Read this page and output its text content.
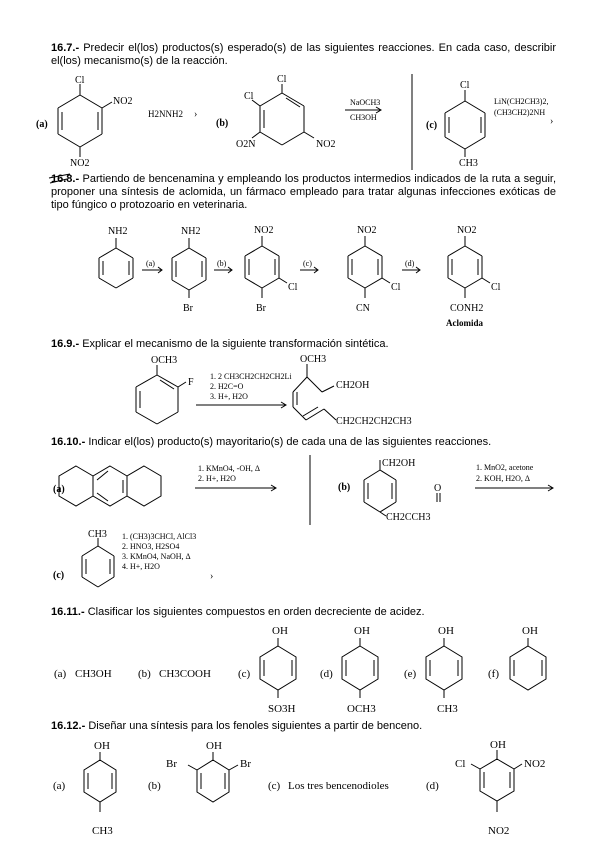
16.7.- Predecir el(los) productos(s) esperado(s) de las siguientes reacciones. En cada caso, describir el(los) mecanismo(s) de la reacción.

(a)
Cl
NO2
NO2
H2NNH2 ›
(b)
Cl
Cl
O2N	NO2
NaOCH3
CH3OH
(c)
Cl
CH3
LiN(CH2CH3)2,
(CH3CH2)2NH
›

16.8.- Partiendo de bencenamina y empleando los productos intermedios indicados de la ruta a seguir, proponer una síntesis de aclomida, un fármaco empleado para tratar algunas infecciones exóticas de tipo fúngico o protozoario en veterinaria.

NH2	NH2	NO2	NO2	NO2
(a)	(b)	(c)	(d)
Br	Br
Cl	Cl	Cl
CN	CONH2
Aclomida

16.9.- Explicar el mecanismo de la siguiente transformación sintética.

OCH3
F
1. 2 CH3CH2CH2CH2Li
2. H2C=O
3. H+, H2O
OCH3
CH2OH
CH2CH2CH2CH3

16.10.- Indicar el(los) producto(s) mayoritario(s) de cada una de las siguientes reacciones.

(a)
1. KMnO4, -OH, Δ
2. H+, H2O
(b)
CH2OH
O
CH2CCH3
1. MnO2, acetone
2. KOH, H2O, Δ
(c)
CH3 1. (CH3)3CHCl, AlCl3
2. HNO3, H2SO4
3. KMnO4, NaOH, Δ
4. H+, H2O
›

16.11.- Clasificar los siguientes compuestos en orden decreciente de acidez.

(a) CH3OH (b) CH3COOH (c)
OH
SO3H
(d)
OH
OCH3
(e)
OH
CH3
(f)
OH

16.12.- Diseñar una síntesis para los fenoles siguientes a partir de benceno.

(a)
OH
CH3
(b)
OH
Br	Br
(c) Los tres bencenodioles	(d)
OH
Cl	NO2
NO2
